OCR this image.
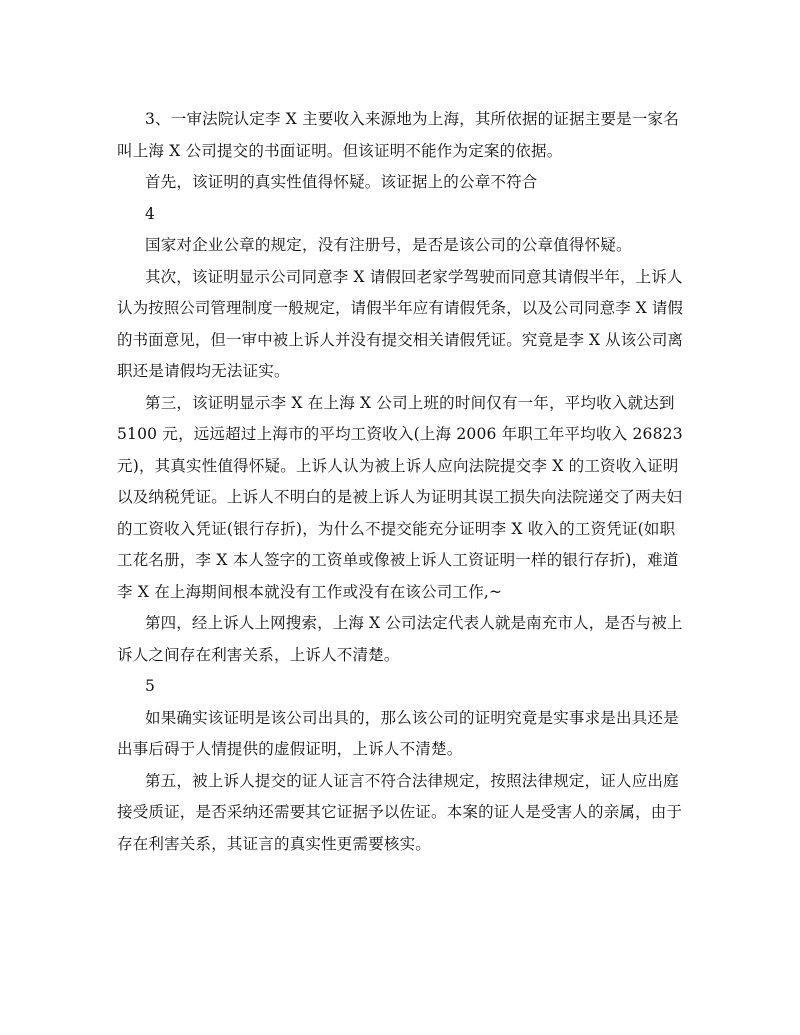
3、一审法院认定李 X 主要收入来源地为上海，其所依据的证据主要是一家名
叫上海 X 公司提交的书面证明。但该证明不能作为定案的依据。

首先，该证明的真实性值得怀疑。该证据上的公章不符合

4

国家对企业公章的规定，没有注册号，是否是该公司的公章值得怀疑。

其次，该证明显示公司同意李 X 请假回老家学驾驶而同意其请假半年，上诉人
认为按照公司管理制度一般规定，请假半年应有请假凭条，以及公司同意李 X 请假
的书面意见，但一审中被上诉人并没有提交相关请假凭证。究竟是李 X 从该公司离
职还是请假均无法证实。

第三，该证明显示李 X 在上海 X 公司上班的时间仅有一年，平均收入就达到
5100 元，远远超过上海市的平均工资收入(上海 2006 年职工年平均收入 26823
元)，其真实性值得怀疑。上诉人认为被上诉人应向法院提交李 X 的工资收入证明
以及纳税凭证。上诉人不明白的是被上诉人为证明其误工损失向法院递交了两夫妇
的工资收入凭证(银行存折)，为什么不提交能充分证明李 X 收入的工资凭证(如职
工花名册，李 X 本人签字的工资单或像被上诉人工资证明一样的银行存折)，难道
李 X 在上海期间根本就没有工作或没有在该公司工作,~

第四，经上诉人上网搜索，上海 X 公司法定代表人就是南充市人，是否与被上
诉人之间存在利害关系，上诉人不清楚。

5

如果确实该证明是该公司出具的，那么该公司的证明究竟是实事求是出具还是
出事后碍于人情提供的虚假证明，上诉人不清楚。

第五，被上诉人提交的证人证言不符合法律规定，按照法律规定，证人应出庭
接受质证，是否采纳还需要其它证据予以佐证。本案的证人是受害人的亲属，由于
存在利害关系，其证言的真实性更需要核实。
